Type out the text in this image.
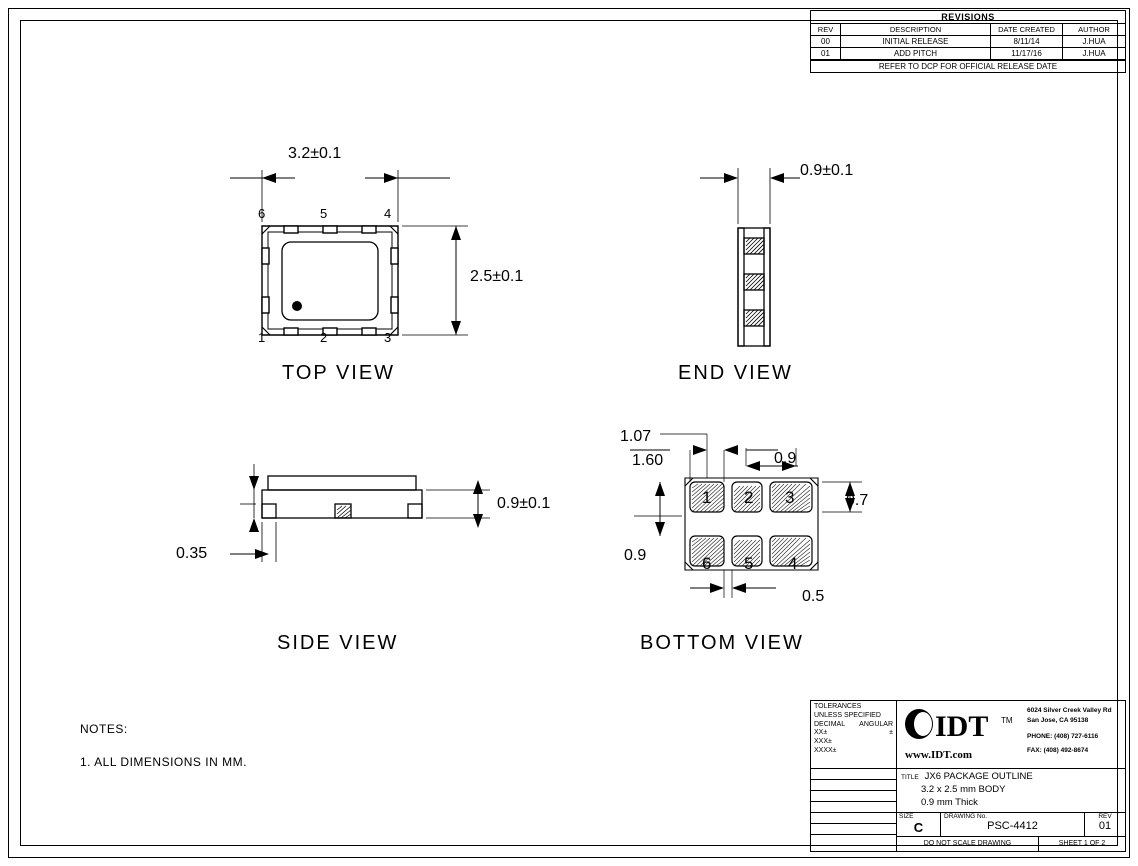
REVISIONS
REV	DESCRIPTION	DATE CREATED	AUTHOR
00	INITIAL RELEASE	8/11/14	J.HUA
01	ADD PITCH	11/17/16	J.HUA
REFER TO DCP FOR OFFICIAL RELEASE DATE
3.2±0.1
2.5±0.1
6	5	4
1	2	3
TOP VIEW
0.9±0.1
END VIEW
0.9±0.1
0.35
SIDE VIEW
1.07
1.60	0.9
0.7
0.9
0.5
1 2 3
6 5 4
BOTTOM VIEW
NOTES:
1. ALL DIMENSIONS IN MM.
TOLERANCES
UNLESS SPECIFIED
DECIMAL ANGULAR
XX±	±
XXX±
XXXX±
IDT TM
www.IDT.com
6024 Silver Creek Valley Rd
San Jose, CA 95138
PHONE: (408) 727-6116
FAX: (408) 492-8674
TITLE JX6 PACKAGE OUTLINE
3.2 x 2.5 mm BODY
0.9 mm Thick
SIZE
C
DRAWING No.
PSC-4412
REV
01
DO NOT SCALE DRAWING	SHEET 1 OF 2
